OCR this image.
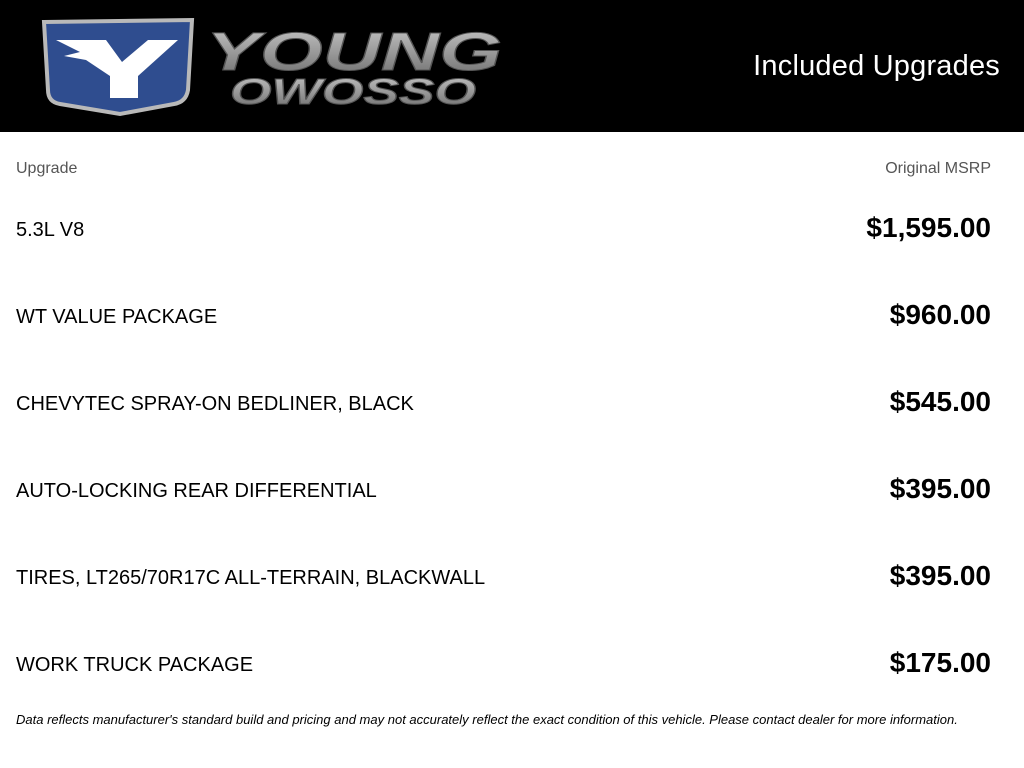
YOUNG
OWOSSO
Included Upgrades
Upgrade	Original MSRP
5.3L V8	$1,595.00
WT VALUE PACKAGE	$960.00
CHEVYTEC SPRAY-ON BEDLINER, BLACK	$545.00
AUTO-LOCKING REAR DIFFERENTIAL	$395.00
TIRES, LT265/70R17C ALL-TERRAIN, BLACKWALL	$395.00
WORK TRUCK PACKAGE	$175.00
Data reflects manufacturer's standard build and pricing and may not accurately reflect the exact condition of this vehicle. Please contact dealer for more information.
